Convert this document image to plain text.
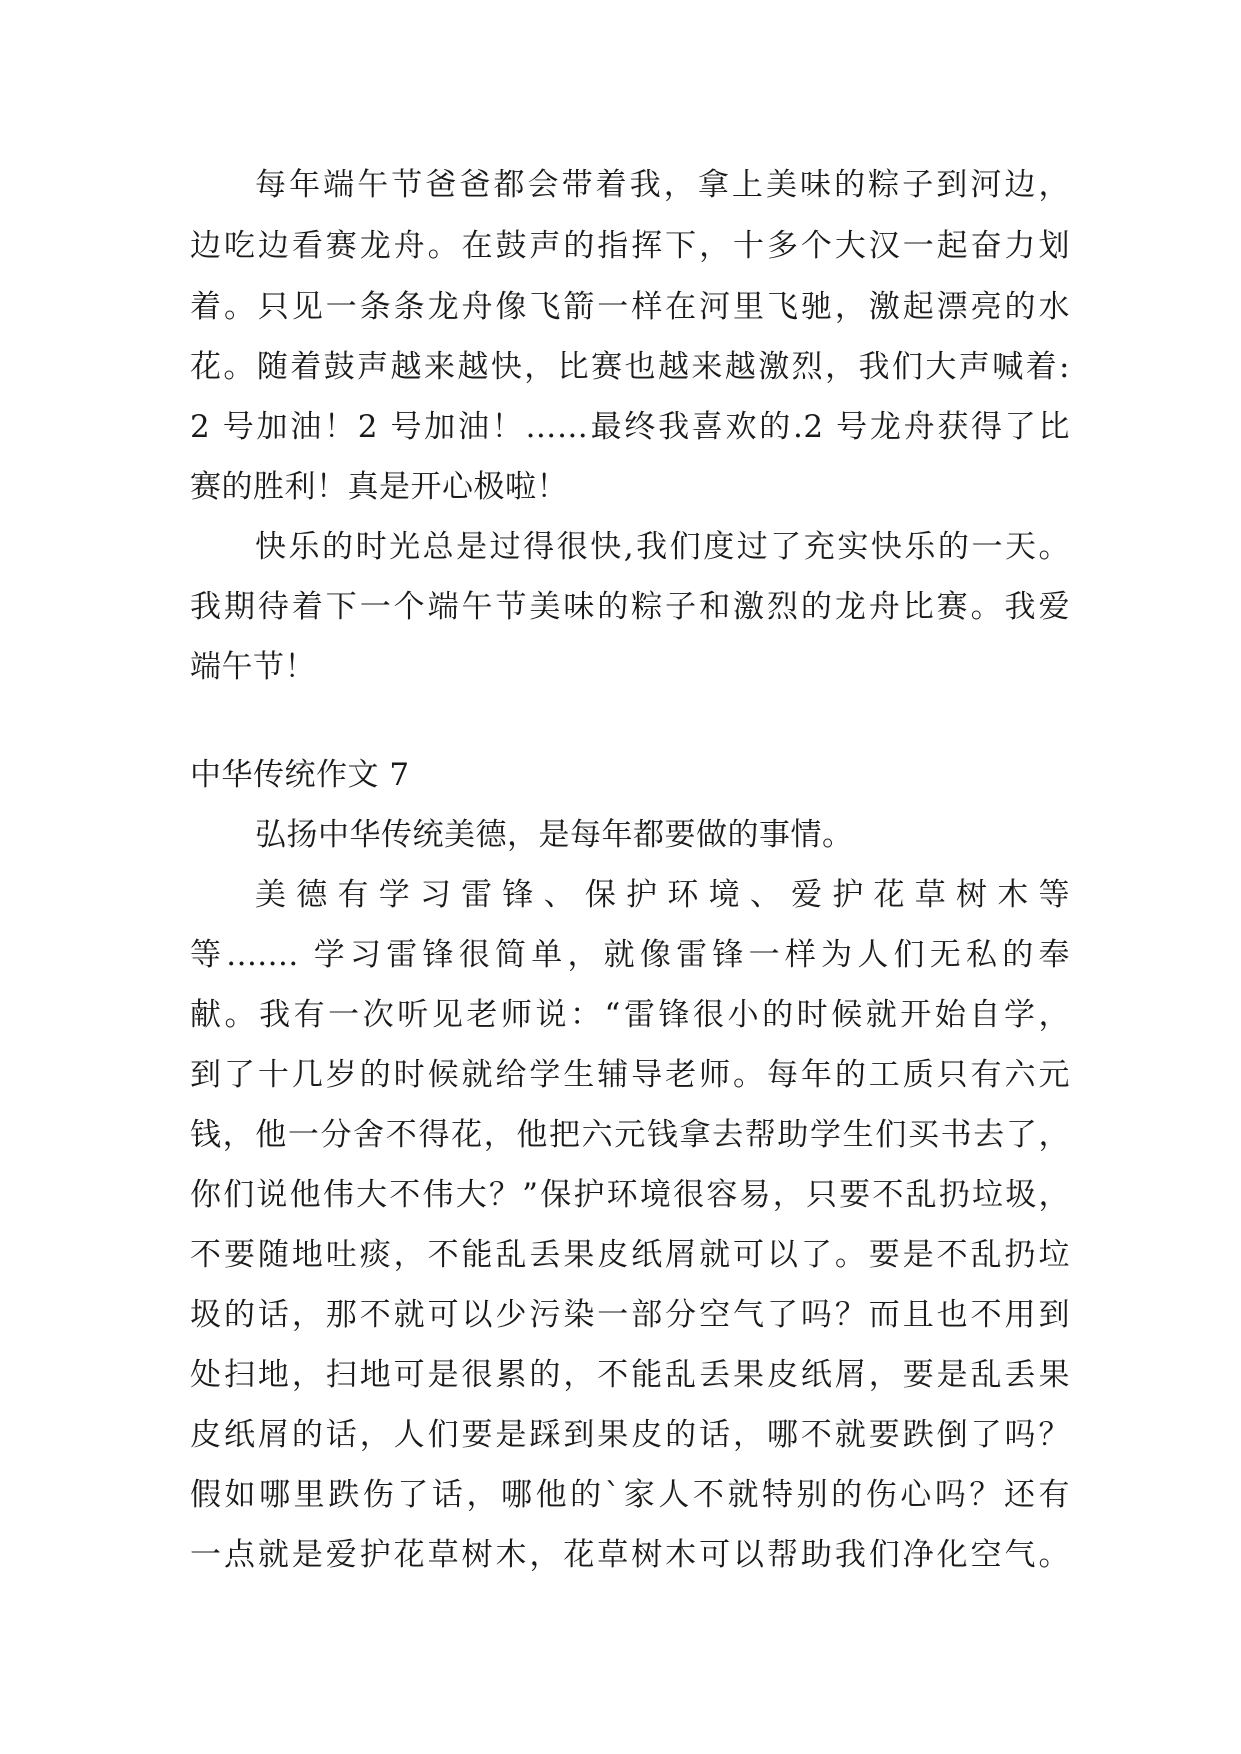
每年端午节爸爸都会带着我，拿上美味的粽子到河边，
边吃边看赛龙舟。在鼓声的指挥下，十多个大汉一起奋力划
着。只见一条条龙舟像飞箭一样在河里飞驰，激起漂亮的水
花。随着鼓声越来越快，比赛也越来越激烈，我们大声喊着:
2 号加油！2 号加油！……最终我喜欢的.2 号龙舟获得了比
赛的胜利！真是开心极啦！
快乐的时光总是过得很快,我们度过了充实快乐的一天。
我期待着下一个端午节美味的粽子和激烈的龙舟比赛。我爱
端午节！
中华传统作文 7
弘扬中华传统美德，是每年都要做的事情。
美德有学习雷锋、保护环境、爱护花草树木等
等....... 学习雷锋很简单，就像雷锋一样为人们无私的奉
献。我有一次听见老师说：“雷锋很小的时候就开始自学，
到了十几岁的时候就给学生辅导老师。每年的工质只有六元
钱，他一分舍不得花，他把六元钱拿去帮助学生们买书去了，
你们说他伟大不伟大？”保护环境很容易，只要不乱扔垃圾，
不要随地吐痰，不能乱丢果皮纸屑就可以了。要是不乱扔垃
圾的话，那不就可以少污染一部分空气了吗？而且也不用到
处扫地，扫地可是很累的，不能乱丢果皮纸屑，要是乱丢果
皮纸屑的话，人们要是踩到果皮的话，哪不就要跌倒了吗？
假如哪里跌伤了话，哪他的`家人不就特别的伤心吗？还有
一点就是爱护花草树木，花草树木可以帮助我们净化空气。
